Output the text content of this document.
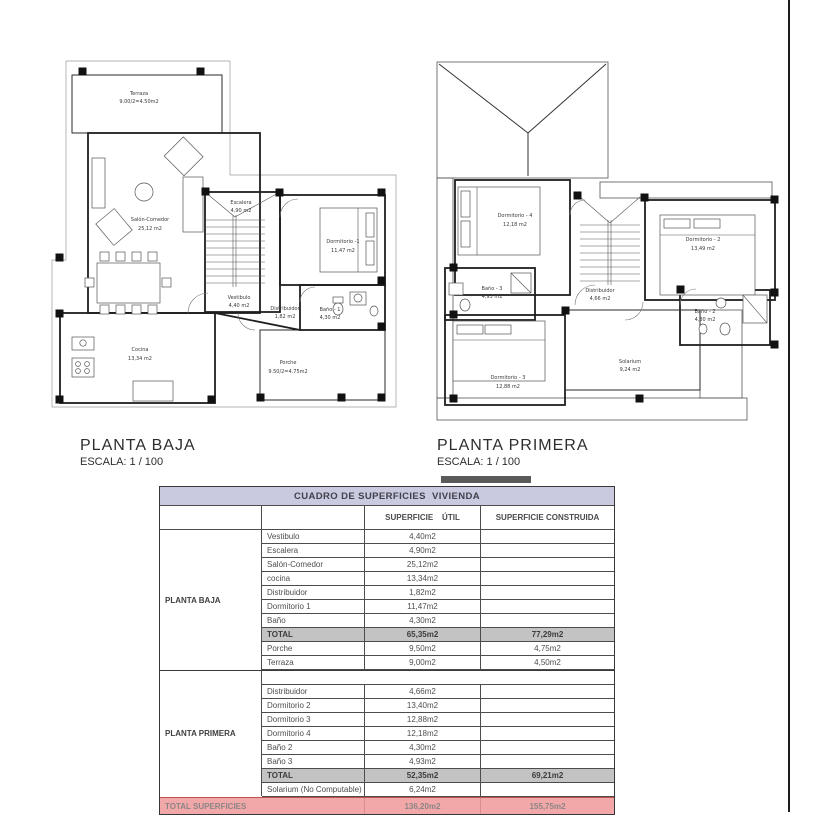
Terraza
9.00/2=4.50m2
Salón-Comedor
25,12 m2
Escalera
4,90 m2
Dormitorio -1
11,47 m2
Vestibulo
4,40 m2	Distribuidor
1,82 m2
Baño - 1
4,30 m2
Cocina
13,34 m2
Porche
9.50/2=4.75m2
Dormitorio - 4
12,18 m2
Dormitorio - 2
13,49 m2
Baño - 3
4,93 m2
Distribuidor
4,66 m2
Baño - 2
4,30 m2
Dormitorio - 3
12,88 m2
Solarium
9,24 m2
PLANTA BAJA
ESCALA: 1 / 100
PLANTA PRIMERA
ESCALA: 1 / 100
CUADRO DE SUPERFICIES  VIVIENDA
SUPERFICIE    ÚTIL	SUPERFICIE CONSTRUIDA
PLANTA BAJA
PLANTA PRIMERA
Vestibulo	4,40m2
Escalera	4,90m2
Salón-Comedor	25,12m2
cocina	13,34m2
Distribuidor	1,82m2
Dormitorio 1	11,47m2
Baño	4,30m2
TOTAL	65,35m2	77,29m2
Porche	9,50m2	4,75m2
Terraza	9,00m2	4,50m2
Distribuidor	4,66m2
Dormitorio 2	13,40m2
Dormitorio 3	12,88m2
Dormitorio 4	12,18m2
Baño 2	4,30m2
Baño 3	4,93m2
TOTAL	52,35m2	69,21m2
Solarium (No Computable)	6,24m2
TOTAL SUPERFICIES	136,20m2	155,75m2
